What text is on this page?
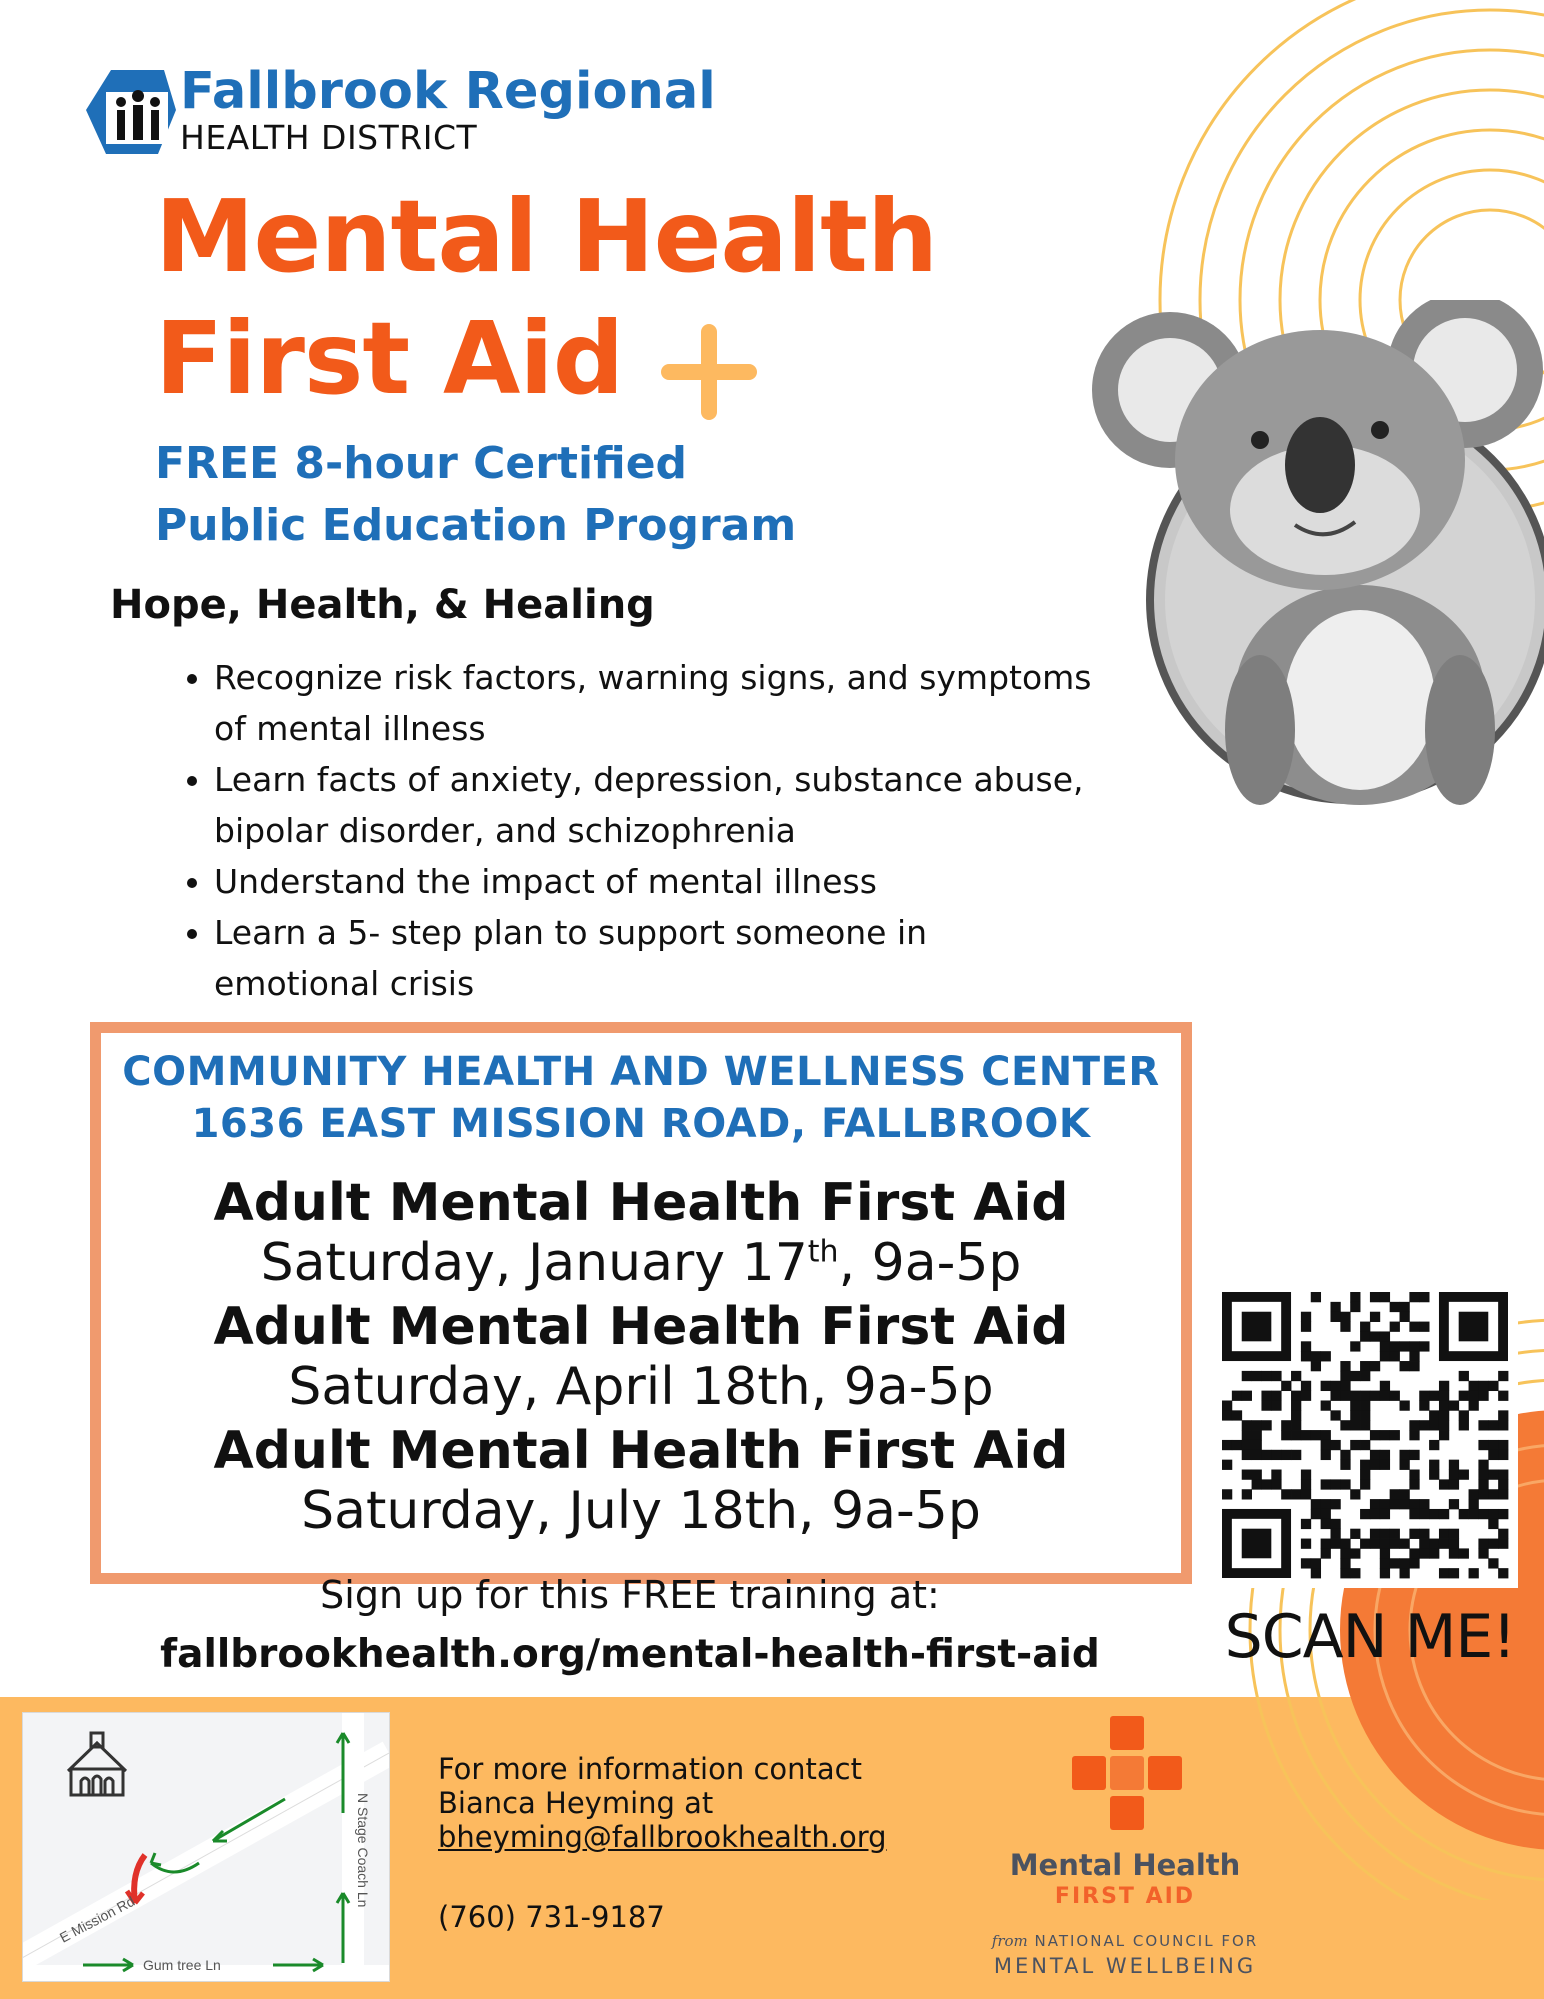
Fallbrook Regional
HEALTH DISTRICT
Mental Health
First Aid
FREE 8-hour Certified
Public Education Program
Hope, Health, & Healing
• Recognize risk factors, warning signs, and symptoms of mental illness
• Learn facts of anxiety, depression, substance abuse, bipolar disorder, and schizophrenia
• Understand the impact of mental illness
• Learn a 5- step plan to support someone in emotional crisis
COMMUNITY HEALTH AND WELLNESS CENTER
1636 EAST MISSION ROAD, FALLBROOK
Adult Mental Health First Aid
Saturday, January 17th, 9a-5p
Adult Mental Health First Aid
Saturday, April 18th, 9a-5p
Adult Mental Health First Aid
Saturday, July 18th, 9a-5p
Sign up for this FREE training at:
fallbrookhealth.org/mental-health-first-aid	SCAN ME!
E Mission Rd
N Stage Coach Ln
Gum tree Ln
For more information contact
Bianca Heyming at
bheyming@fallbrookhealth.org
(760) 731-9187
Mental Health
FIRST AID
from NATIONAL COUNCIL FOR
MENTAL WELLBEING
